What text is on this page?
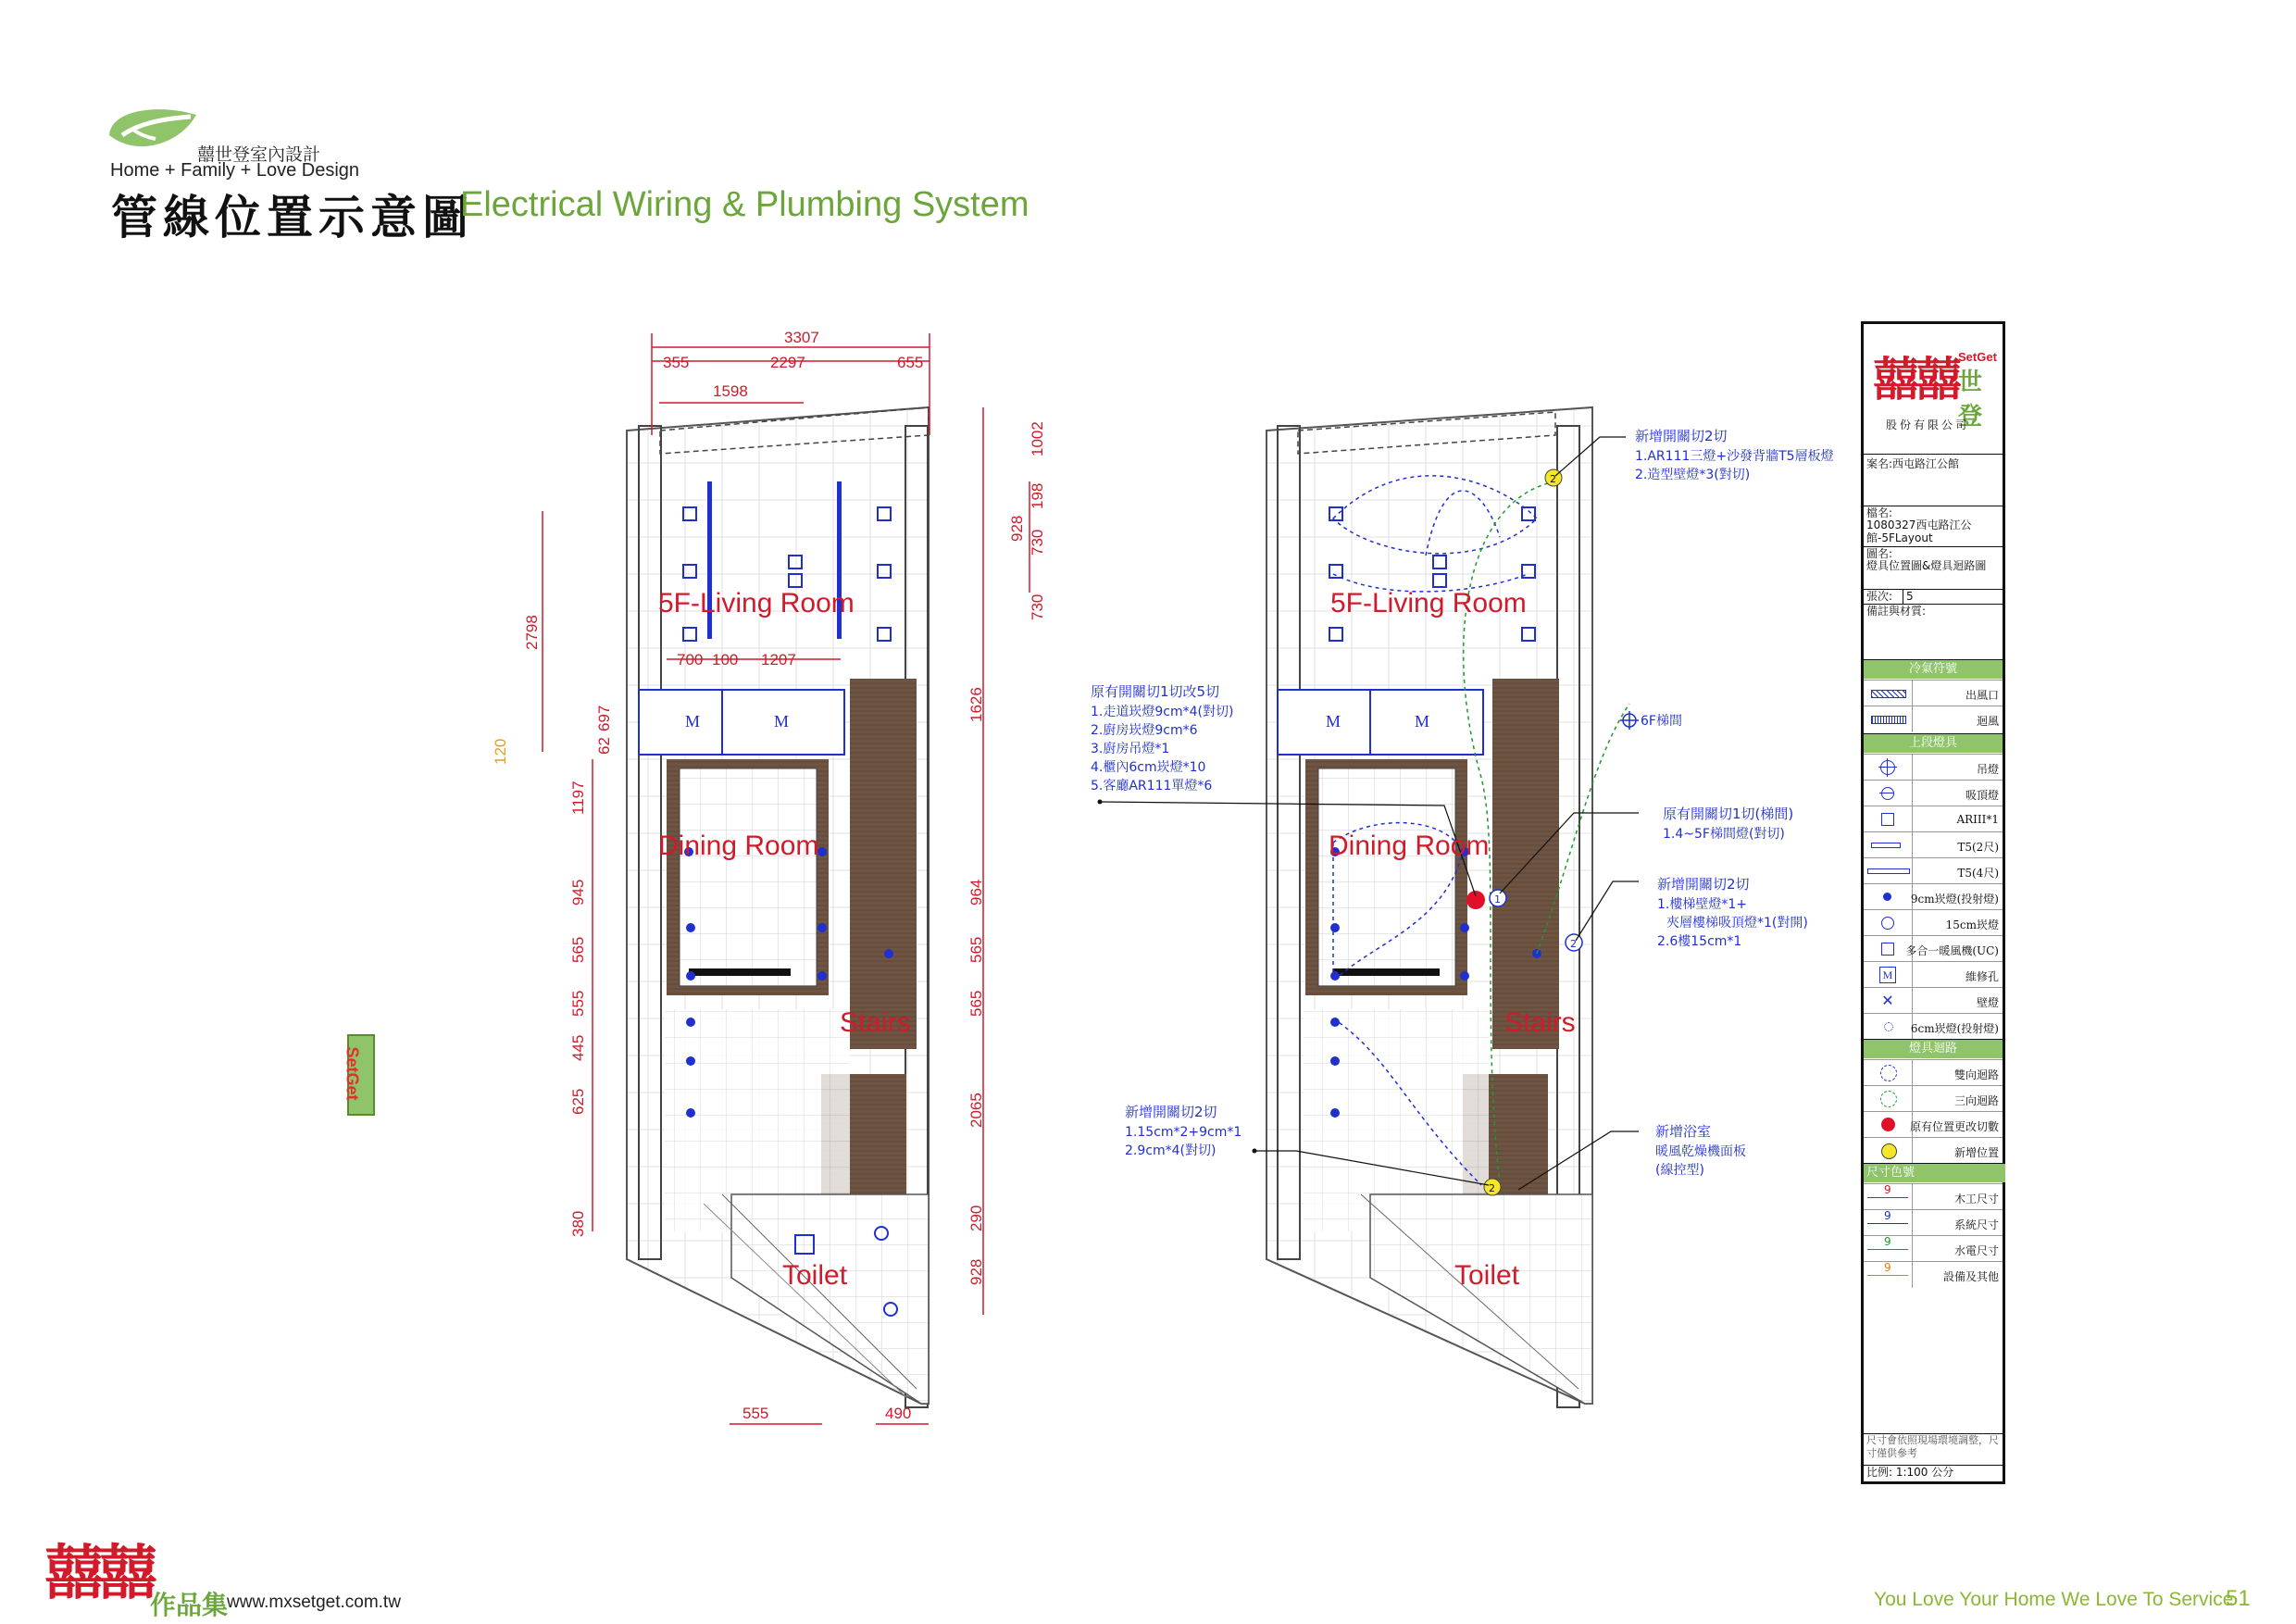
囍世登室內設計
Home + Family + Love Design
管線位置示意圖
Electrical Wiring & Plumbing System
SetGet
M	M
5F-Living Room
Dining Room
Stairs
Toilet
3307
355	2297	655
1598
1002
198
730
928
730
1626
964
565
565
2065
290
928
2798
697
62
120
1197
945
565
555
445
625
380
700 100 1207
555	490
M	M
2
1
2
2
5F-Living Room
Dining Room
Stairs
Toilet
新增開關切2切
1.AR111三燈+沙發背牆T5層板燈
2.造型壁燈*3(對切)
6F梯間
原有開關切1切改5切
1.走道崁燈9cm*4(對切)
2.廚房崁燈9cm*6
3.廚房吊燈*1
4.櫃內6cm崁燈*10
5.客廳AR111單燈*6
原有開關切1切(梯間)
1.4~5F梯間燈(對切)
新增開關切2切
1.樓梯壁燈*1+
夾層樓梯吸頂燈*1(對開)
2.6樓15cm*1
新增開關切2切
1.15cm*2+9cm*1
2.9cm*4(對切)
新增浴室
暖風乾燥機面板
(線控型)
囍囍 SetGet
世登
股份有限公司
案名:西屯路江公館
檔名:
1080327西屯路江公館-5FLayout
圖名:
燈具位置圖&燈具迴路圖
張次:	5
備註與材質:
冷氣符號
出風口
迴風
上段燈具
吊燈
吸頂燈
ARIII*1
T5(2尺)
T5(4尺)
9cm崁燈(投射燈)
15cm崁燈
多合一暖風機(UC)
M	維修孔
✕	壁燈
6cm崁燈(投射燈)
燈具迴路
雙向迴路
三向迴路
原有位置更改切數
新增位置
尺寸色號
9
木工尺寸
9
系統尺寸
9
水電尺寸
9
設備及其他
尺寸會依照現場環境調整，尺寸僅供參考
比例: 1:100 公分
囍囍
作品集
www.mxsetget.com.tw	You Love Your Home We Love To Service
51
